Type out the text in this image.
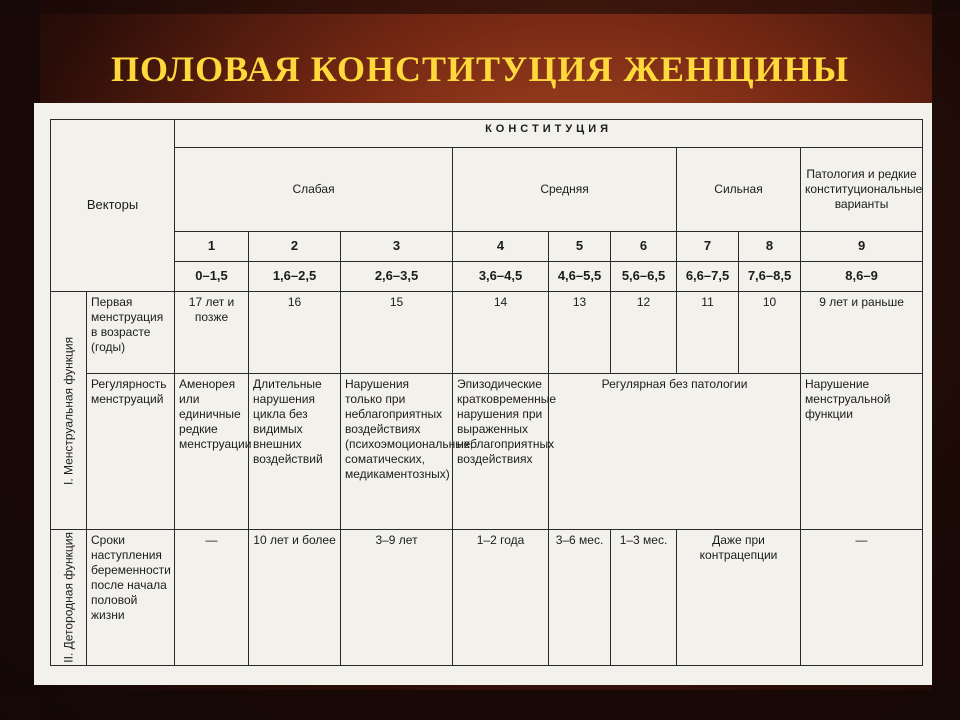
ПОЛОВАЯ КОНСТИТУЦИЯ ЖЕНЩИНЫ
Векторы		КОНСТИТУЦИЯ								
		Слабая			Средняя			Сильная		Патология и редкие конституциональные варианты
		1	2	3	4	5	6	7	8	9
		0–1,5	1,6–2,5	2,6–3,5	3,6–4,5	4,6–5,5	5,6–6,5	6,6–7,5	7,6–8,5	8,6–9
I. Менструальная функция	Первая менструация в возрасте (годы)	17 лет и позже	16	15	14	13	12	11	10	9 лет и раньше
	Регулярность менструаций	Аменорея или единичные редкие менструации	Длительные нарушения цикла без видимых внешних воздействий	Нарушения только при неблагоприятных воздействиях (психоэмоциональных, соматических, медикаментозных)	Эпизодические кратковременные нарушения при выраженных неблагоприятных воздействиях	Регулярная без патологии				Нарушение менструальной функции
II. Детородная функция	Сроки наступления беременности после начала половой жизни	—	10 лет и более	3–9 лет	1–2 года	3–6 мес.	1–3 мес.	Даже при контрацепции		—
